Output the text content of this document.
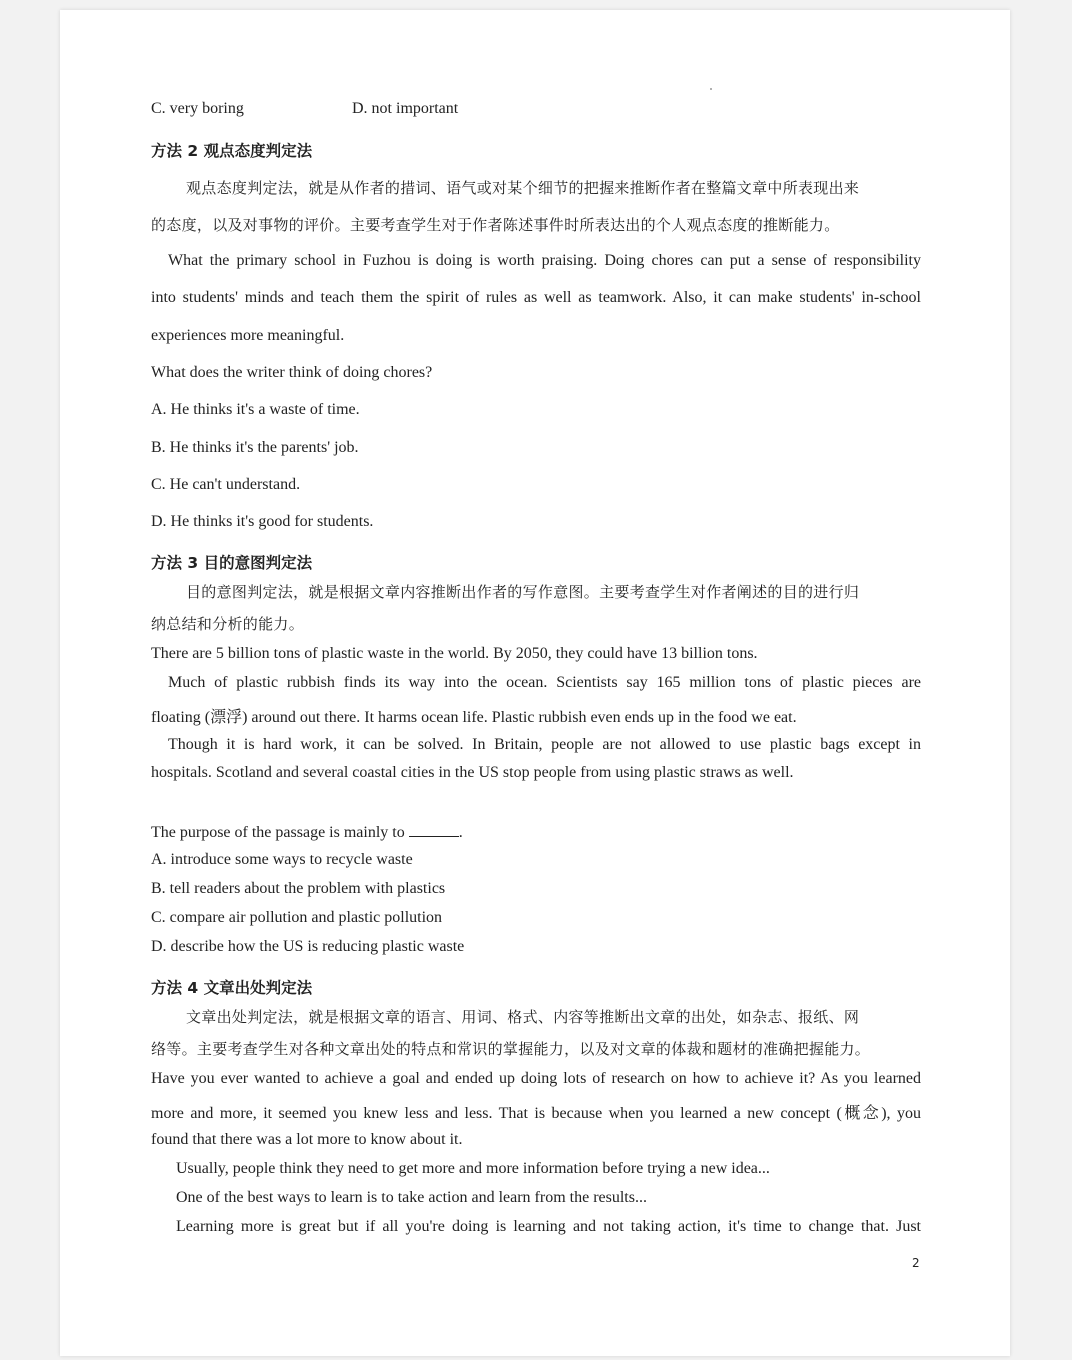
C. very boring	D. not important
方法 2 观点态度判定法
观点态度判定法，就是从作者的措词、语气或对某个细节的把握来推断作者在整篇文章中所表现出来
的态度，以及对事物的评价。主要考查学生对于作者陈述事件时所表达出的个人观点态度的推断能力。
What the primary school in Fuzhou is doing is worth praising. Doing chores can put a sense of responsibility
into students' minds and teach them the spirit of rules as well as teamwork. Also, it can make students' in-school
experiences more meaningful.
What does the writer think of doing chores?
A. He thinks it's a waste of time.
B. He thinks it's the parents' job.
C. He can't understand.
D. He thinks it's good for students.
方法 3 目的意图判定法
目的意图判定法，就是根据文章内容推断出作者的写作意图。主要考查学生对作者阐述的目的进行归
纳总结和分析的能力。
There are 5 billion tons of plastic waste in the world. By 2050, they could have 13 billion tons.
Much of plastic rubbish finds its way into the ocean. Scientists say 165 million tons of plastic pieces are
floating (漂浮) around out there. It harms ocean life. Plastic rubbish even ends up in the food we eat.
Though it is hard work, it can be solved. In Britain, people are not allowed to use plastic bags except in
hospitals. Scotland and several coastal cities in the US stop people from using plastic straws as well.
The purpose of the passage is mainly to	.
A. introduce some ways to recycle waste
B. tell readers about the problem with plastics
C. compare air pollution and plastic pollution
D. describe how the US is reducing plastic waste
方法 4 文章出处判定法
文章出处判定法，就是根据文章的语言、用词、格式、内容等推断出文章的出处，如杂志、报纸、网
络等。主要考查学生对各种文章出处的特点和常识的掌握能力，以及对文章的体裁和题材的准确把握能力。
Have you ever wanted to achieve a goal and ended up doing lots of research on how to achieve it? As you learned
more and more, it seemed you knew less and less. That is because when you learned a new concept (概念), you
found that there was a lot more to know about it.
Usually, people think they need to get more and more information before trying a new idea...
One of the best ways to learn is to take action and learn from the results...
Learning more is great but if all you're doing is learning and not taking action, it's time to change that. Just
2
